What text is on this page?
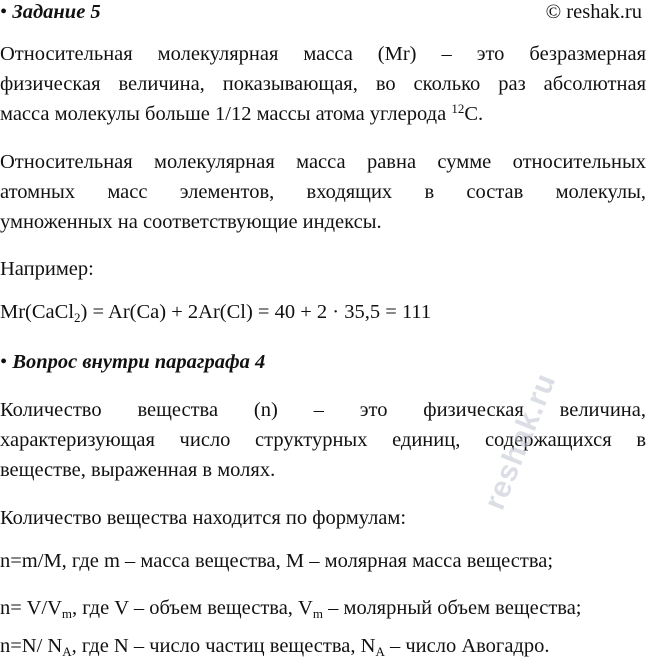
• Задание 5	© reshak.ru
Относительная молекулярная масса (Mr) – это безразмерная
физическая величина, показывающая, во сколько раз абсолютная
масса молекулы больше 1/12 массы атома углерода $^{12}$C.
Относительная молекулярная масса равна сумме относительных
атомных масс элементов, входящих в состав молекулы,
умноженных на соответствующие индексы.
Например:
Mr(CaCl$_2$) = Ar(Ca) + 2Ar(Cl) = 40 + 2 · 35,5 = 111
• Вопрос внутри параграфа 4
Количество вещества (n) – это физическая величина,
характеризующая число структурных единиц, содержащихся в
веществе, выраженная в молях.
Количество вещества находится по формулам:
n=m/M, где m – масса вещества, M – молярная масса вещества;
$n= V/V_m$, где V – объем вещества, $V_m$ – молярный объем вещества;
n=N/ $N_A$, где N – число частиц вещества, $N_A$ – число Авогадро.
reshak.ru
